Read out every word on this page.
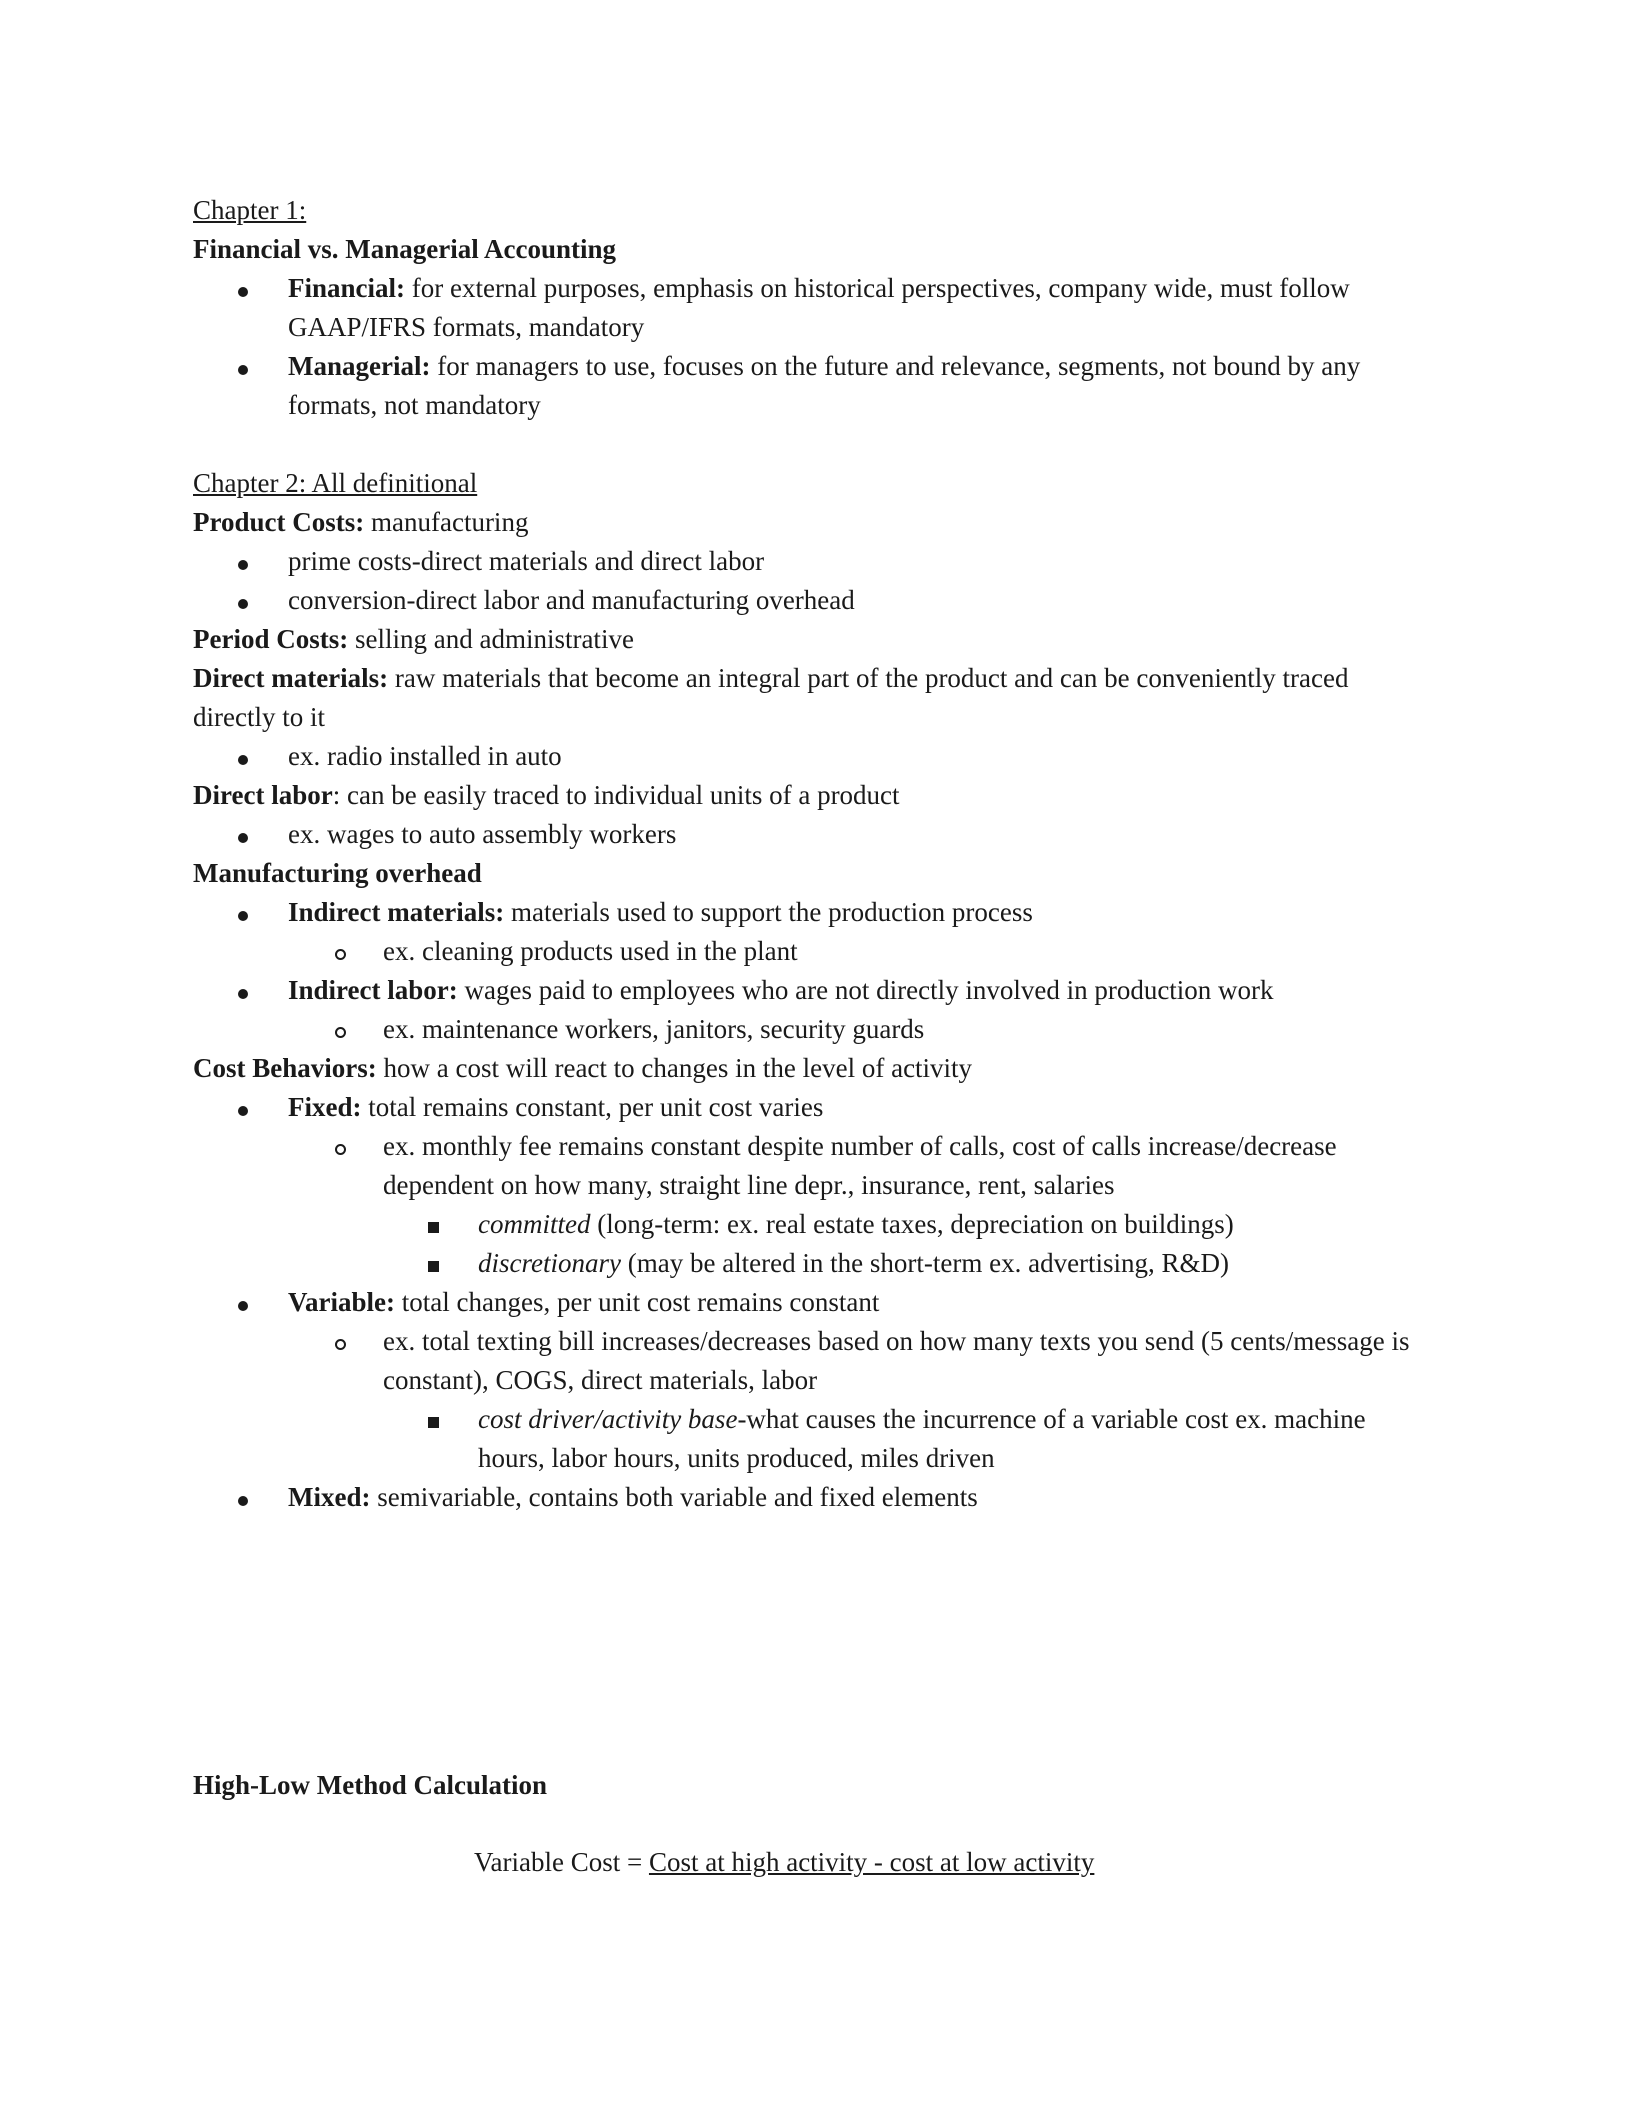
Chapter 1:

Financial vs. Managerial Accounting

Financial: for external purposes, emphasis on historical perspectives, company wide, must follow GAAP/IFRS formats, mandatory
Managerial: for managers to use, focuses on the future and relevance, segments, not bound by any formats, not mandatory

Chapter 2: All definitional

Product Costs: manufacturing

prime costs-direct materials and direct labor
conversion-direct labor and manufacturing overhead

Period Costs: selling and administrative

Direct materials: raw materials that become an integral part of the product and can be conveniently traced directly to it

ex. radio installed in auto

Direct labor: can be easily traced to individual units of a product

ex. wages to auto assembly workers

Manufacturing overhead

Indirect materials: materials used to support the production process
ex. cleaning products used in the plant
Indirect labor: wages paid to employees who are not directly involved in production work
ex. maintenance workers, janitors, security guards

Cost Behaviors: how a cost will react to changes in the level of activity

Fixed: total remains constant, per unit cost varies
ex. monthly fee remains constant despite number of calls, cost of calls increase/decrease dependent on how many, straight line depr., insurance, rent, salaries
committed (long-term: ex. real estate taxes, depreciation on buildings)
discretionary (may be altered in the short-term ex. advertising, R&D)
Variable: total changes, per unit cost remains constant
ex. total texting bill increases/decreases based on how many texts you send (5 cents/message is constant), COGS, direct materials, labor
cost driver/activity base-what causes the incurrence of a variable cost ex. machine hours, labor hours, units produced, miles driven
Mixed: semivariable, contains both variable and fixed elements

High-Low Method Calculation

Variable Cost = Cost at high activity - cost at low activity
